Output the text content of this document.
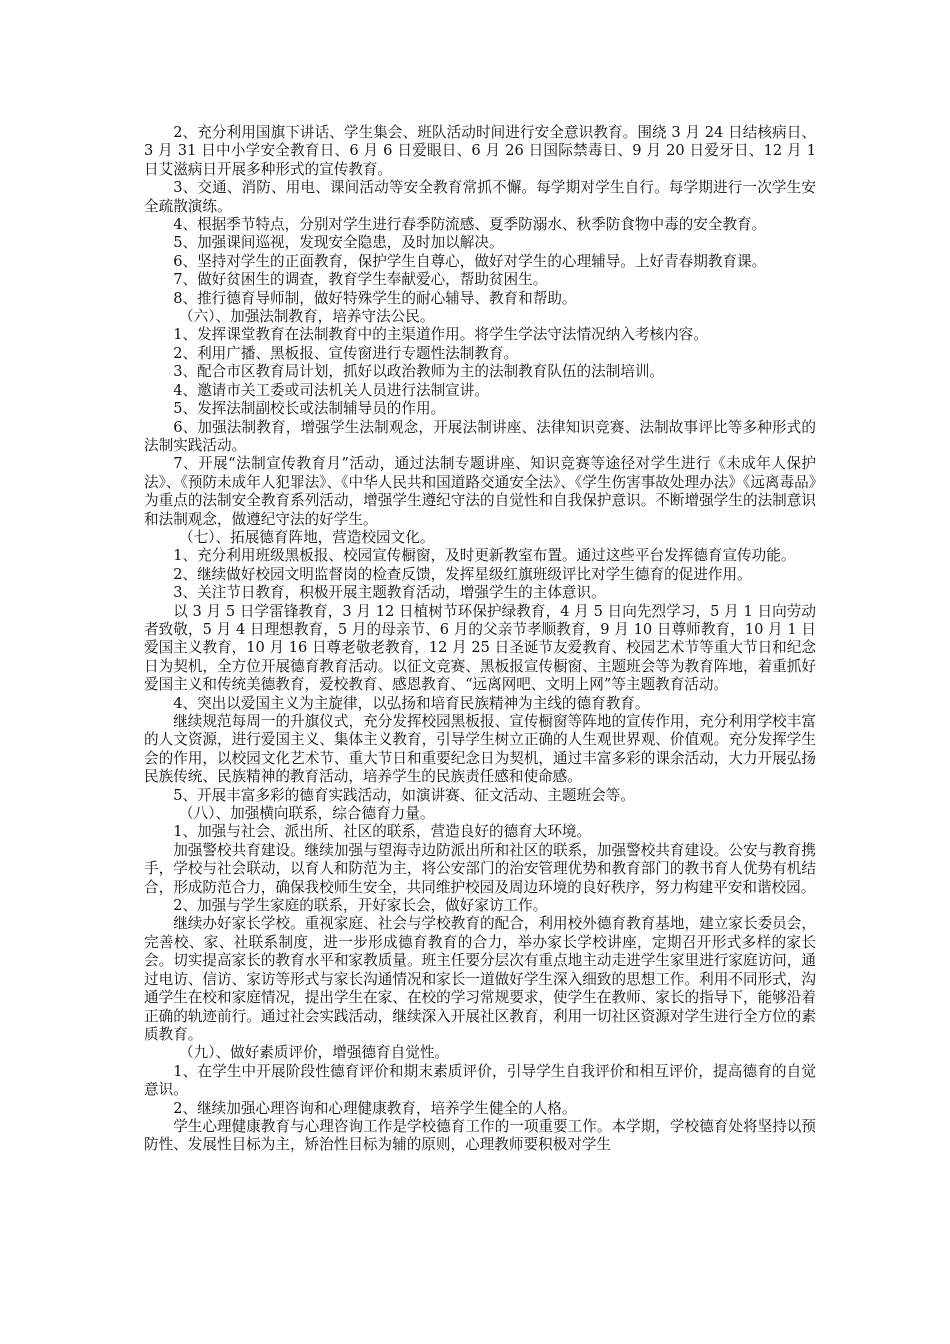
2、充分利用国旗下讲话、学生集会、班队活动时间进行安全意识教育。围绕 3 月 24 日结核病日、3 月 31 日中小学安全教育日、6 月 6 日爱眼日、6 月 26 日国际禁毒日、9 月 20 日爱牙日、12 月 1 日艾滋病日开展多种形式的宣传教育。

3、交通、消防、用电、课间活动等安全教育常抓不懈。每学期对学生自行。每学期进行一次学生安全疏散演练。

4、根据季节特点，分别对学生进行春季防流感、夏季防溺水、秋季防食物中毒的安全教育。

5、加强课间巡视，发现安全隐患，及时加以解决。

6、坚持对学生的正面教育，保护学生自尊心，做好对学生的心理辅导。上好青春期教育课。

7、做好贫困生的调查，教育学生奉献爱心，帮助贫困生。

8、推行德育导师制，做好特殊学生的耐心辅导、教育和帮助。

（六）、加强法制教育，培养守法公民。

1、发挥课堂教育在法制教育中的主渠道作用。将学生学法守法情况纳入考核内容。

2、利用广播、黑板报、宣传窗进行专题性法制教育。

3、配合市区教育局计划，抓好以政治教师为主的法制教育队伍的法制培训。

4、邀请市关工委或司法机关人员进行法制宣讲。

5、发挥法制副校长或法制辅导员的作用。

6、加强法制教育，增强学生法制观念，开展法制讲座、法律知识竞赛、法制故事评比等多种形式的法制实践活动。

7、开展“法制宣传教育月”活动，通过法制专题讲座、知识竞赛等途径对学生进行《未成年人保护法》、《预防未成年人犯罪法》、《中华人民共和国道路交通安全法》、《学生伤害事故处理办法》《远离毒品》为重点的法制安全教育系列活动，增强学生遵纪守法的自觉性和自我保护意识。不断增强学生的法制意识和法制观念，做遵纪守法的好学生。

（七）、拓展德育阵地，营造校园文化。

1、充分利用班级黑板报、校园宣传橱窗，及时更新教室布置。通过这些平台发挥德育宣传功能。

2、继续做好校园文明监督岗的检查反馈，发挥星级红旗班级评比对学生德育的促进作用。

3、关注节日教育，积极开展主题教育活动，增强学生的主体意识。

以 3 月 5 日学雷锋教育，3 月 12 日植树节环保护绿教育，4 月 5 日向先烈学习，5 月 1 日向劳动者致敬，5 月 4 日理想教育，5 月的母亲节、6 月的父亲节孝顺教育，9 月 10 日尊师教育，10 月 1 日爱国主义教育，10 月 16 日尊老敬老教育，12 月 25 日圣诞节友爱教育、校园艺术节等重大节日和纪念日为契机，全方位开展德育教育活动。以征文竞赛、黑板报宣传橱窗、主题班会等为教育阵地，着重抓好爱国主义和传统美德教育，爱校教育、感恩教育、“远离网吧、文明上网”等主题教育活动。

4、突出以爱国主义为主旋律，以弘扬和培育民族精神为主线的德育教育。

继续规范每周一的升旗仪式，充分发挥校园黑板报、宣传橱窗等阵地的宣传作用，充分利用学校丰富的人文资源，进行爱国主义、集体主义教育，引导学生树立正确的人生观世界观、价值观。充分发挥学生会的作用，以校园文化艺术节、重大节日和重要纪念日为契机，通过丰富多彩的课余活动，大力开展弘扬民族传统、民族精神的教育活动，培养学生的民族责任感和使命感。

5、开展丰富多彩的德育实践活动，如演讲赛、征文活动、主题班会等。

（八）、加强横向联系，综合德育力量。

1、加强与社会、派出所、社区的联系，营造良好的德育大环境。

加强警校共育建设。继续加强与望海寺边防派出所和社区的联系，加强警校共育建设。公安与教育携手，学校与社会联动，以育人和防范为主，将公安部门的治安管理优势和教育部门的教书育人优势有机结合，形成防范合力，确保我校师生安全，共同维护校园及周边环境的良好秩序，努力构建平安和谐校园。

2、加强与学生家庭的联系，开好家长会，做好家访工作。

继续办好家长学校。重视家庭、社会与学校教育的配合，利用校外德育教育基地，建立家长委员会，完善校、家、社联系制度，进一步形成德育教育的合力，举办家长学校讲座，定期召开形式多样的家长会。切实提高家长的教育水平和家教质量。班主任要分层次有重点地主动走进学生家里进行家庭访问，通过电访、信访、家访等形式与家长沟通情况和家长一道做好学生深入细致的思想工作。利用不同形式，沟通学生在校和家庭情况，提出学生在家、在校的学习常规要求，使学生在教师、家长的指导下，能够沿着正确的轨迹前行。通过社会实践活动，继续深入开展社区教育，利用一切社区资源对学生进行全方位的素质教育。

（九）、做好素质评价，增强德育自觉性。

1、在学生中开展阶段性德育评价和期末素质评价，引导学生自我评价和相互评价，提高德育的自觉意识。

2、继续加强心理咨询和心理健康教育，培养学生健全的人格。

学生心理健康教育与心理咨询工作是学校德育工作的一项重要工作。本学期，学校德育处将坚持以预防性、发展性目标为主，矫治性目标为辅的原则，心理教师要积极对学生
